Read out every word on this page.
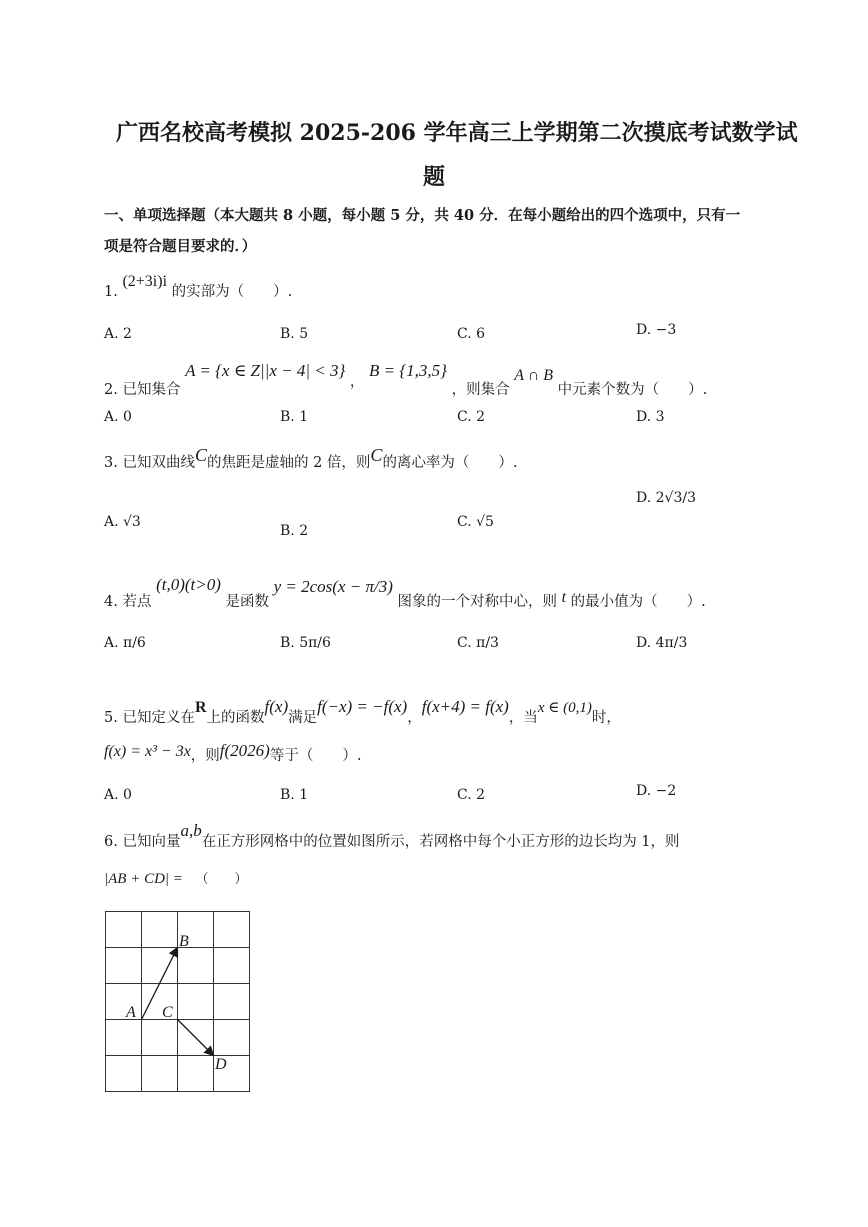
广西名校高考模拟 2025-206 学年高三上学期第二次摸底考试数学试
题
一、单项选择题（本大题共 8 小题，每小题 5 分，共 40 分．在每小题给出的四个选项中，只有一
项是符合题目要求的．）
1. (2+3i)i 的实部为（　　）.
A. 2	B. 5	C. 6	D. −3
2. 已知集合 A = {x ∈ Z||x − 4| < 3} ， B = {1,3,5} ，则集合 A ∩ B 中元素个数为（　　）.
A. 0	B. 1	C. 2	D. 3
3. 已知双曲线C的焦距是虚轴的 2 倍，则C的离心率为（　　）.
A. √3
B. 2
C. √5
D. 2√3/3
4. 若点 (t,0)(t>0) 是函数 y = 2cos(x − π/3) 图象的一个对称中心，则 t 的最小值为（　　）.
A. π/6	B. 5π/6	C. π/3	D. 4π/3
5. 已知定义在R上的函数f(x)满足f(−x) = −f(x)，f(x+4) = f(x)，当x ∈ (0,1)时，
f(x) = x³ − 3x，则f(2026)等于（　　）.
A. 0	B. 1	C. 2	D. −2
6. 已知向量a,b在正方形网格中的位置如图所示，若网格中每个小正方形的边长均为 1，则
|AB + CD| = （　　）
B
A C
D
